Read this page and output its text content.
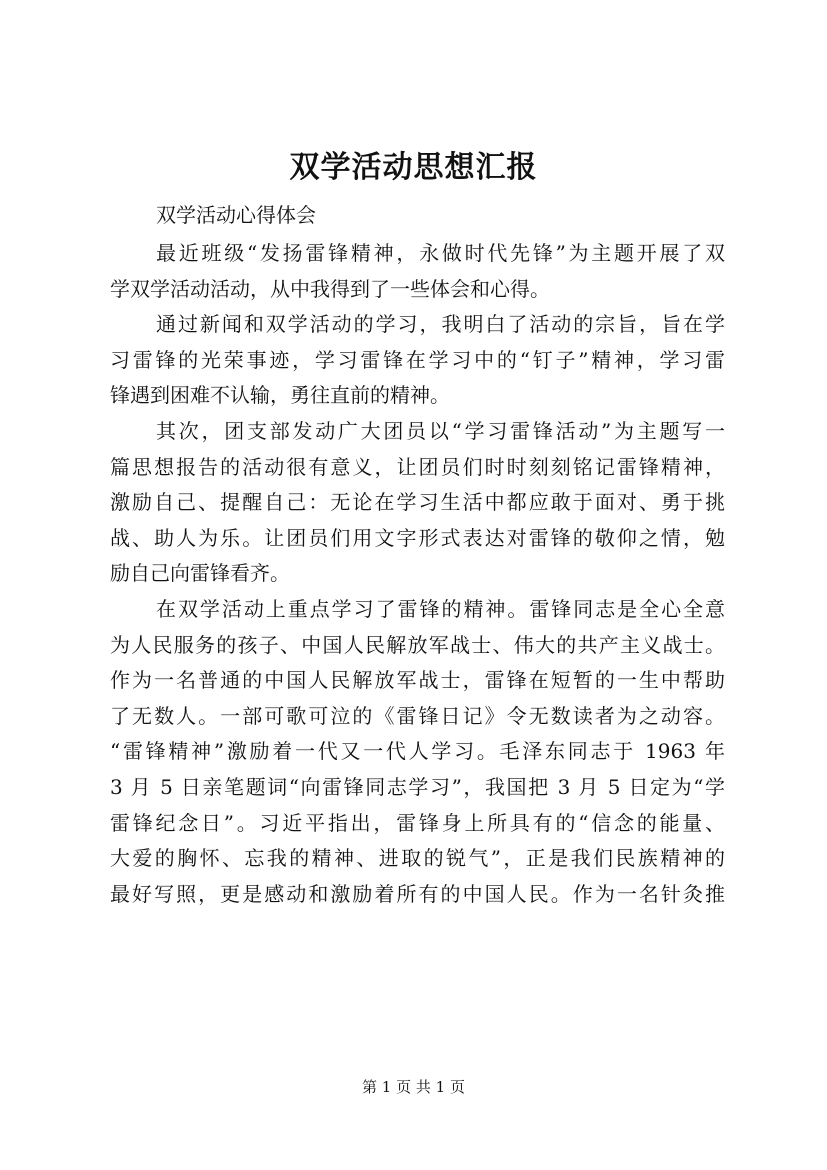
双学活动思想汇报
双学活动心得体会

最近班级“发扬雷锋精神，永做时代先锋”为主题开展了双
学双学活动活动，从中我得到了一些体会和心得。

通过新闻和双学活动的学习，我明白了活动的宗旨，旨在学
习雷锋的光荣事迹，学习雷锋在学习中的“钉子”精神，学习雷
锋遇到困难不认输，勇往直前的精神。

其次，团支部发动广大团员以“学习雷锋活动”为主题写一
篇思想报告的活动很有意义，让团员们时时刻刻铭记雷锋精神，
激励自己、提醒自己：无论在学习生活中都应敢于面对、勇于挑
战、助人为乐。让团员们用文字形式表达对雷锋的敬仰之情，勉
励自己向雷锋看齐。

在双学活动上重点学习了雷锋的精神。雷锋同志是全心全意
为人民服务的孩子、中国人民解放军战士、伟大的共产主义战士。
作为一名普通的中国人民解放军战士，雷锋在短暂的一生中帮助
了无数人。一部可歌可泣的《雷锋日记》令无数读者为之动容。
“雷锋精神”激励着一代又一代人学习。毛泽东同志于 1963 年
3 月 5 日亲笔题词“向雷锋同志学习”，我国把 3 月 5 日定为“学
雷锋纪念日”。习近平指出，雷锋身上所具有的“信念的能量、
大爱的胸怀、忘我的精神、进取的锐气”，正是我们民族精神的
最好写照，更是感动和激励着所有的中国人民。作为一名针灸推

第 1 页 共 1 页
